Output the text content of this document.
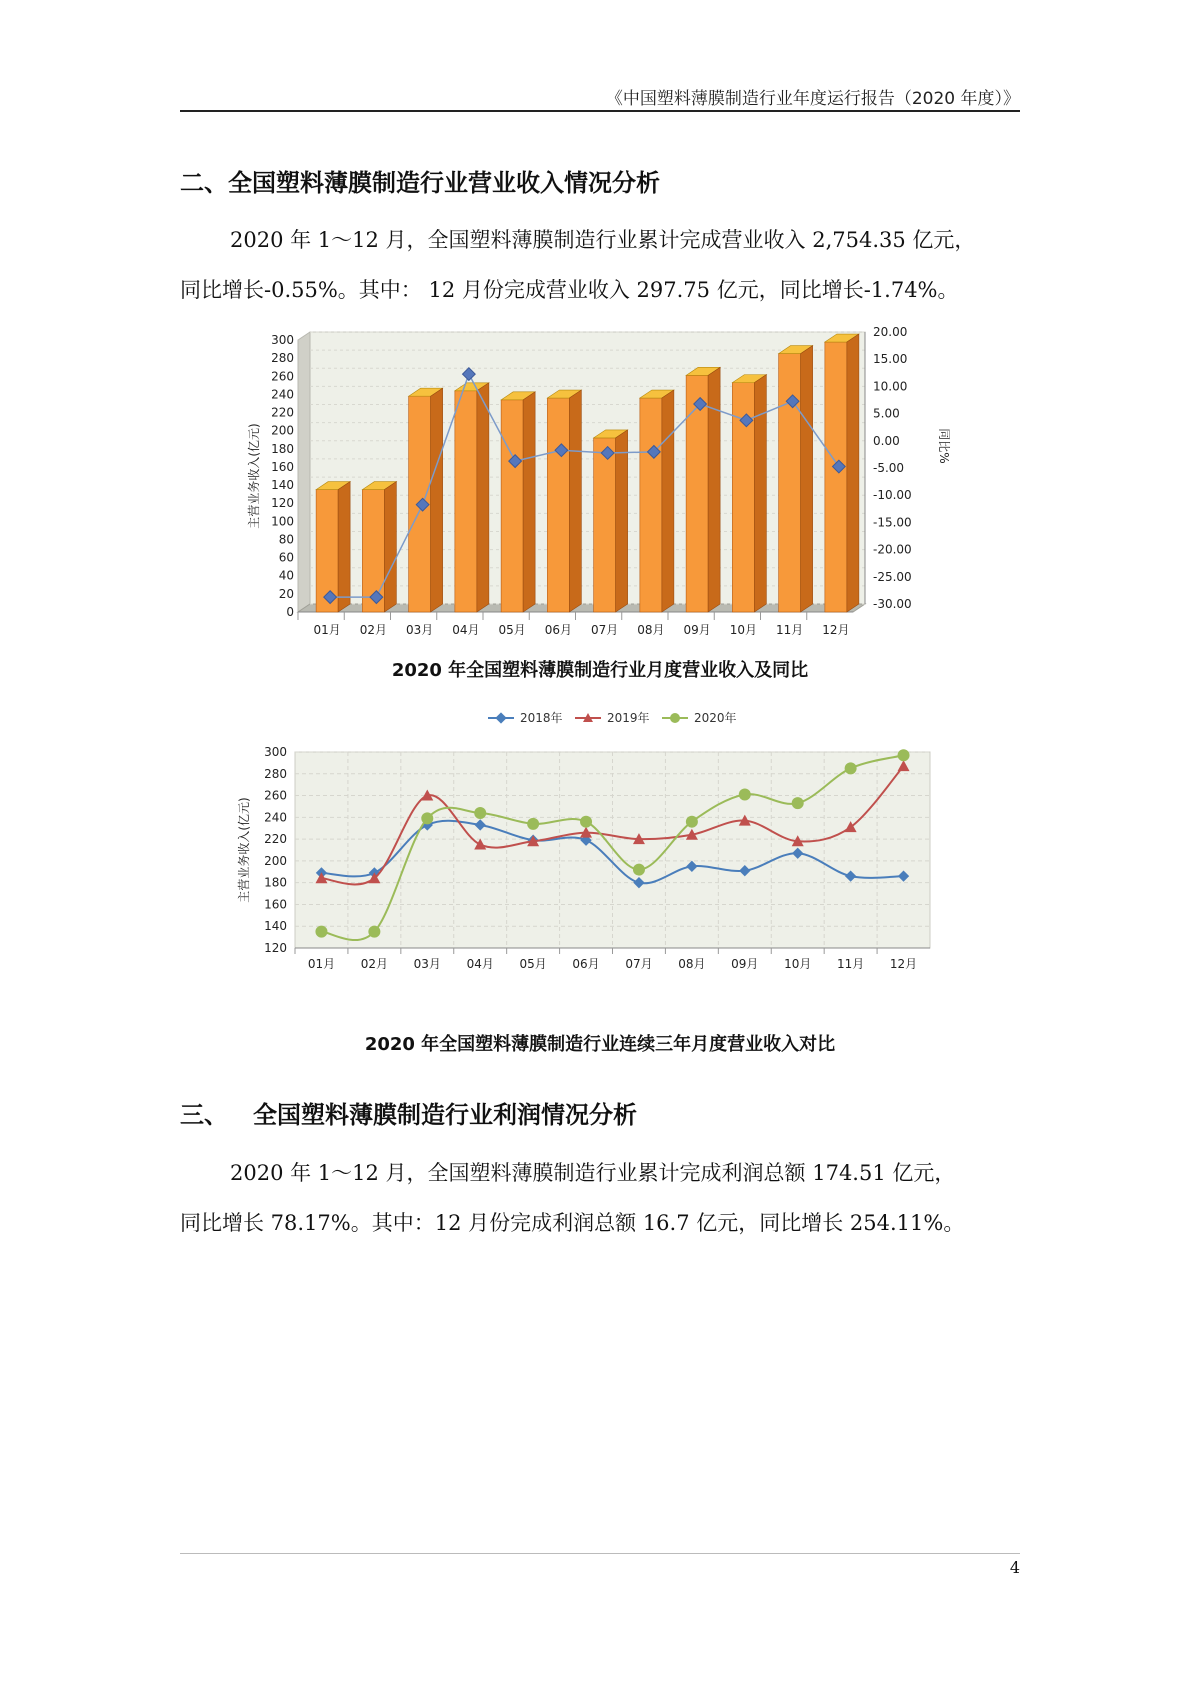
《中国塑料薄膜制造行业年度运行报告（2020 年度）》
二、全国塑料薄膜制造行业营业收入情况分析
2020 年 1～12 月，全国塑料薄膜制造行业累计完成营业收入 2,754.35 亿元，
同比增长-0.55%。其中： 12 月份完成营业收入 297.75 亿元，同比增长-1.74%。
0
20
40
60
80
100
120
140
160
180
200
220
240
260
280
300
-30.00
-25.00
-20.00
-15.00
-10.00
-5.00
0.00
5.00
10.00
15.00
20.00
01月 02月 03月 04月 05月 06月 07月 08月 09月 10月 11月 12月
主营业务收入(亿元)	同比%
2020 年全国塑料薄膜制造行业月度营业收入及同比
2018年	2019年	2020年
120
140
160
180
200
220
240
260
280
300
01月 02月 03月 04月 05月 06月 07月 08月 09月 10月 11月 12月
主营业务收入(亿元)
2020 年全国塑料薄膜制造行业连续三年月度营业收入对比
三、 全国塑料薄膜制造行业利润情况分析
2020 年 1～12 月，全国塑料薄膜制造行业累计完成利润总额 174.51 亿元，
同比增长 78.17%。其中：12 月份完成利润总额 16.7 亿元，同比增长 254.11%。
4
